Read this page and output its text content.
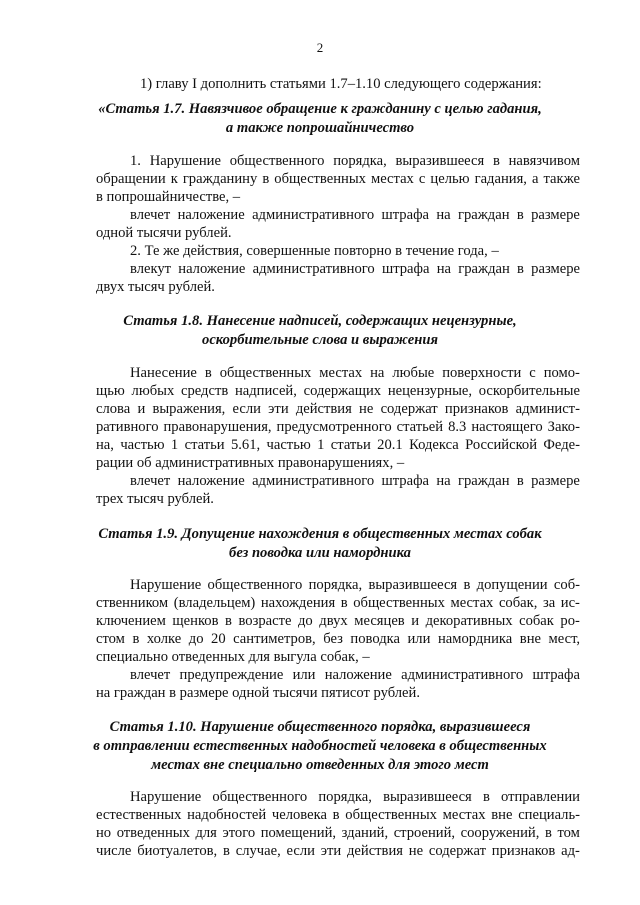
2
1) главу I дополнить статьями 1.7–1.10 следующего содержания:
«Статья 1.7. Навязчивое обращение к гражданину с целью гадания,
а также попрошайничество
1. Нарушение общественного порядка, выразившееся в навязчивом
обращении к гражданину в общественных местах с целью гадания, а также
в попрошайничестве, –
влечет наложение административного штрафа на граждан в размере
одной тысячи рублей.
2. Те же действия, совершенные повторно в течение года, –
влекут наложение административного штрафа на граждан в размере
двух тысяч рублей.
Статья 1.8. Нанесение надписей, содержащих нецензурные,
оскорбительные слова и выражения
Нанесение в общественных местах на любые поверхности с помо-
щью любых средств надписей, содержащих нецензурные, оскорбительные
слова и выражения, если эти действия не содержат признаков админист-
ративного правонарушения, предусмотренного статьей 8.3 настоящего Зако-
на, частью 1 статьи 5.61, частью 1 статьи 20.1 Кодекса Российской Феде-
рации об административных правонарушениях, –
влечет наложение административного штрафа на граждан в размере
трех тысяч рублей.
Статья 1.9. Допущение нахождения в общественных местах собак
без поводка или намордника
Нарушение общественного порядка, выразившееся в допущении соб-
ственником (владельцем) нахождения в общественных местах собак, за ис-
ключением щенков в возрасте до двух месяцев и декоративных собак ро-
стом в холке до 20 сантиметров, без поводка или намордника вне мест,
специально отведенных для выгула собак, –
влечет предупреждение или наложение административного штрафа
на граждан в размере одной тысячи пятисот рублей.
Статья 1.10. Нарушение общественного порядка, выразившееся
в отправлении естественных надобностей человека в общественных
местах вне специально отведенных для этого мест
Нарушение общественного порядка, выразившееся в отправлении
естественных надобностей человека в общественных местах вне специаль-
но отведенных для этого помещений, зданий, строений, сооружений, в том
числе биотуалетов, в случае, если эти действия не содержат признаков ад-
